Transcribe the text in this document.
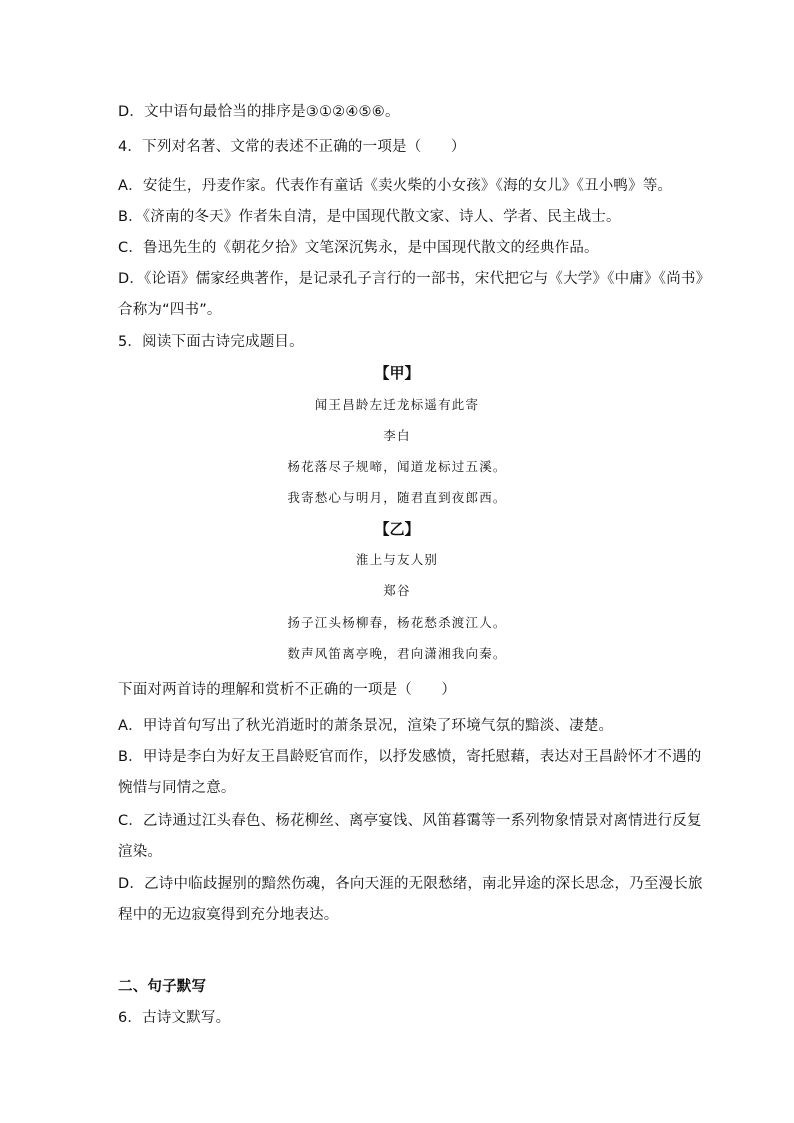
D．文中语句最恰当的排序是③①②④⑤⑥。
4．下列对名著、文常的表述不正确的一项是（　　）
A．安徒生，丹麦作家。代表作有童话《卖火柴的小女孩》《海的女儿》《丑小鸭》等。
B．《济南的冬天》作者朱自清，是中国现代散文家、诗人、学者、民主战士。
C．鲁迅先生的《朝花夕拾》文笔深沉隽永，是中国现代散文的经典作品。
D．《论语》儒家经典著作，是记录孔子言行的一部书，宋代把它与《大学》《中庸》《尚书》
合称为“四书”。
5．阅读下面古诗完成题目。
【甲】
闻王昌龄左迁龙标遥有此寄
李白
杨花落尽子规啼，闻道龙标过五溪。
我寄愁心与明月，随君直到夜郎西。
【乙】
淮上与友人别
郑谷
扬子江头杨柳春，杨花愁杀渡江人。
数声风笛离亭晚，君向潇湘我向秦。
下面对两首诗的理解和赏析不正确的一项是（　　）
A．甲诗首句写出了秋光消逝时的萧条景况，渲染了环境气氛的黯淡、凄楚。
B．甲诗是李白为好友王昌龄贬官而作，以抒发感愤，寄托慰藉，表达对王昌龄怀才不遇的
惋惜与同情之意。
C．乙诗通过江头春色、杨花柳丝、离亭宴饯、风笛暮霭等一系列物象情景对离情进行反复
渲染。
D．乙诗中临歧握别的黯然伤魂，各向天涯的无限愁绪，南北异途的深长思念，乃至漫长旅
程中的无边寂寞得到充分地表达。
二、句子默写
6．古诗文默写。
